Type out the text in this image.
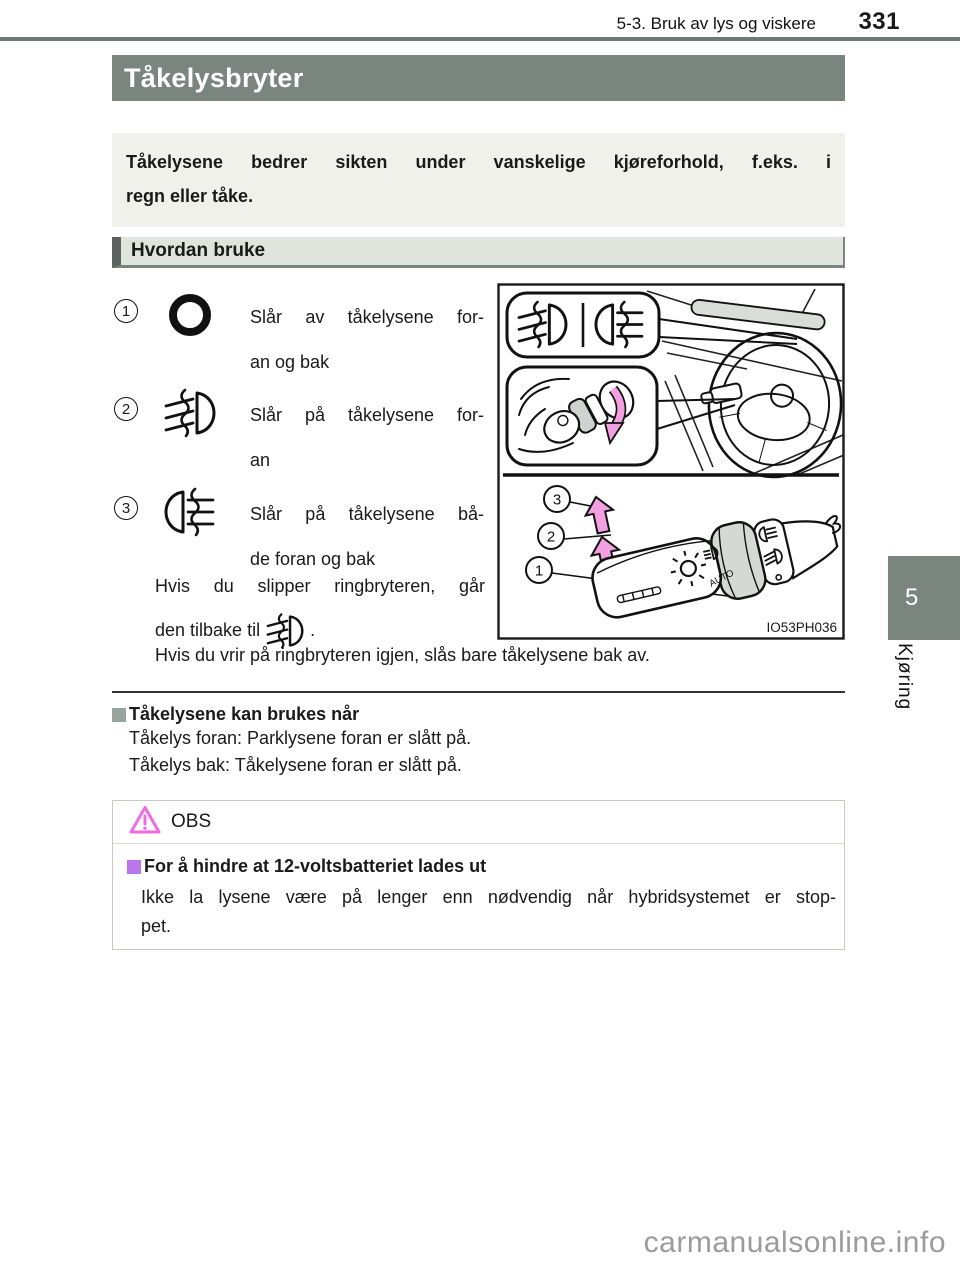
5-3. Bruk av lys og viskere 331
Tåkelysbryter
Tåkelysene bedrer sikten under vanskelige kjøreforhold, f.eks. i
regn eller tåke.
Hvordan bruke
1	Slår av tåkelysene for-
an og bak
2	Slår på tåkelysene for-
an
3	Slår på tåkelysene bå-
de foran og bak
Hvis du slipper ringbryteren, går
den tilbake til	.
Hvis du vrir på ringbryteren igjen, slås bare tåkelysene bak av.
3
2
1	AUTO
IO53PH036
Tåkelysene kan brukes når
Tåkelys foran: Parklysene foran er slått på.
Tåkelys bak: Tåkelysene foran er slått på.
OBS
For å hindre at 12-voltsbatteriet lades ut
Ikke la lysene være på lenger enn nødvendig når hybridsystemet er stop-
pet.
5
Kjøring
carmanualsonline.info
